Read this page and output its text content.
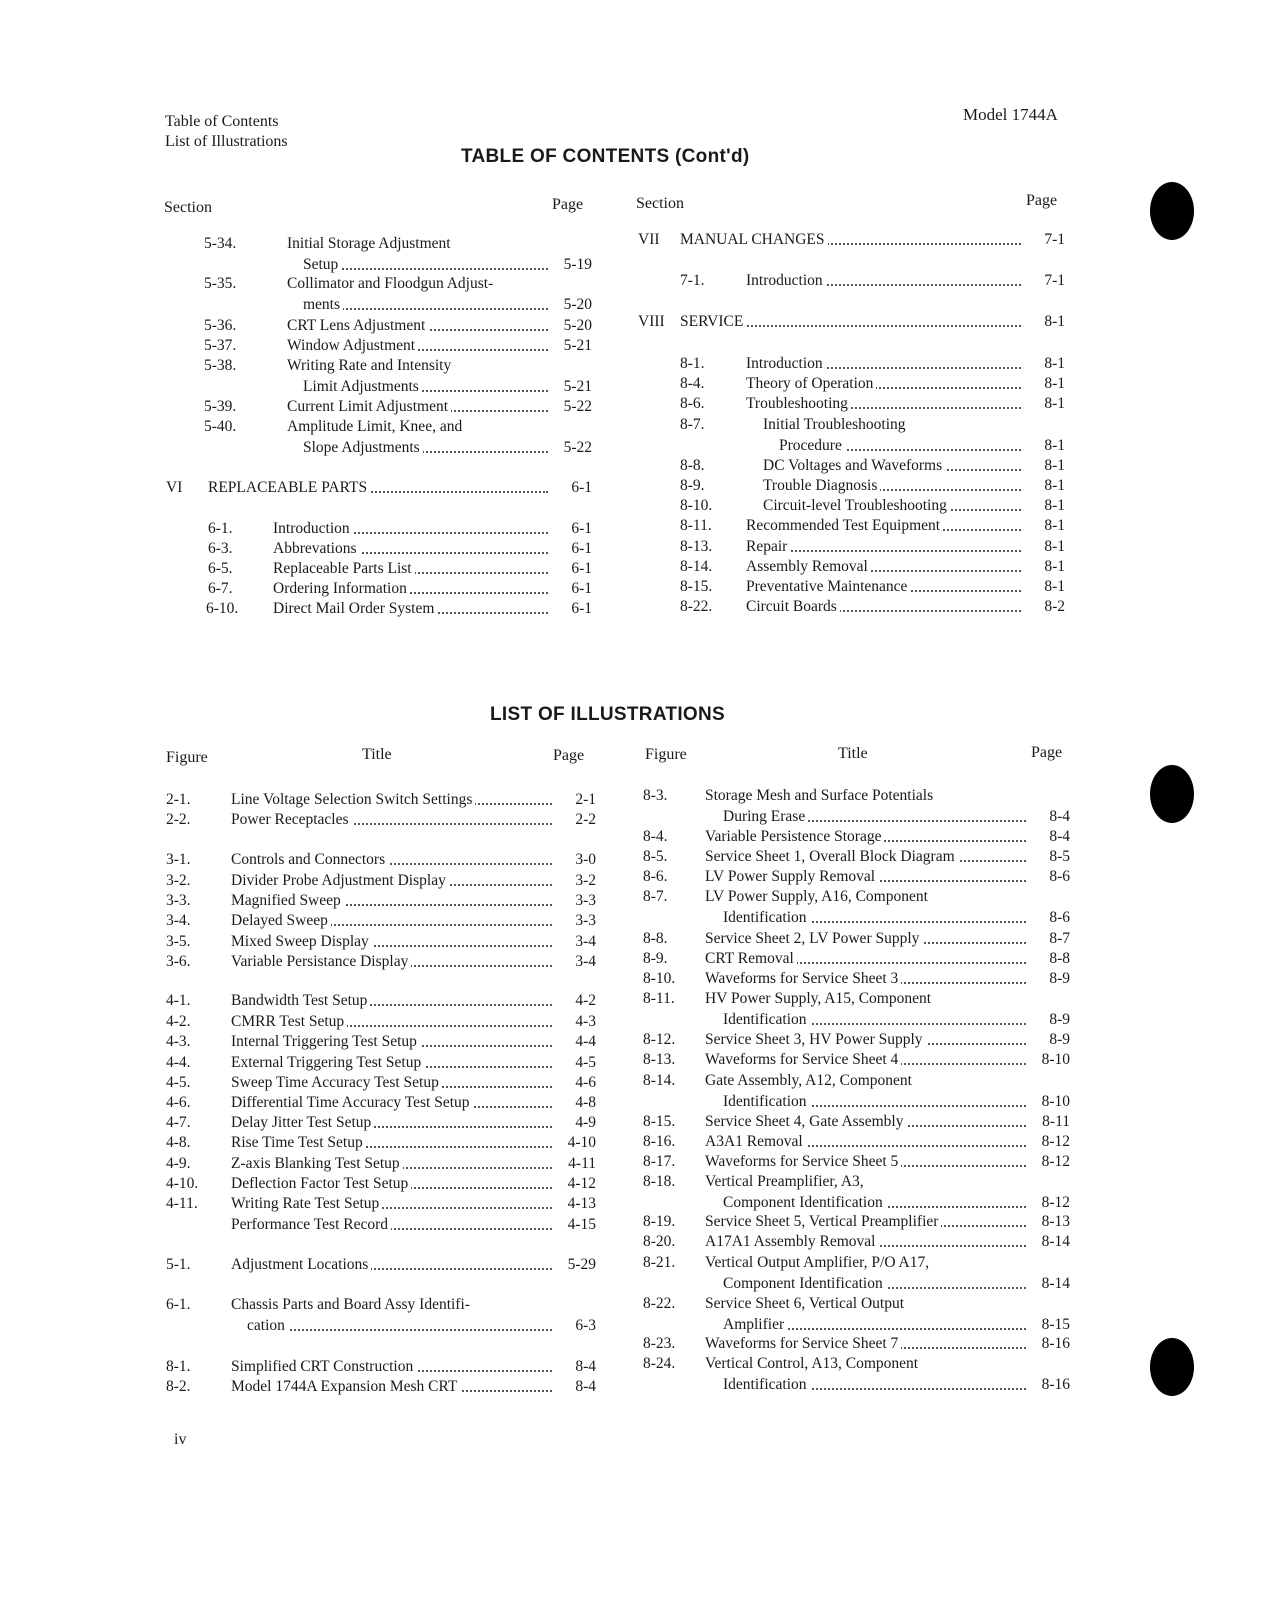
Table of Contents
List of Illustrations
Model 1744A
TABLE OF CONTENTS (Cont'd)
Section	Page
5-34.	Initial Storage Adjustment
Setup	5-19
5-35.	Collimator and Floodgun Adjust-
ments	5-20
5-36.	CRT Lens Adjustment	5-20
5-37.	Window Adjustment	5-21
5-38.	Writing Rate and Intensity
Limit Adjustments	5-21
5-39.	Current Limit Adjustment	5-22
5-40.	Amplitude Limit, Knee, and
Slope Adjustments	5-22
VI REPLACEABLE PARTS	6-1
6-1.	Introduction	6-1
6-3.	Abbrevations	6-1
6-5.	Replaceable Parts List	6-1
6-7.	Ordering Information	6-1
6-10. Direct Mail Order System	6-1
Section	Page
VII MANUAL CHANGES	7-1
7-1.	Introduction	7-1
VIII SERVICE	8-1
8-1.	Introduction	8-1
8-4.	Theory of Operation	8-1
8-6.	Troubleshooting	8-1
8-7.	Initial Troubleshooting
Procedure	8-1
8-8.	DC Voltages and Waveforms	8-1
8-9.	Trouble Diagnosis	8-1
8-10.	Circuit-level Troubleshooting	8-1
8-11. Recommended Test Equipment	8-1
8-13. Repair	8-1
8-14. Assembly Removal	8-1
8-15. Preventative Maintenance	8-1
8-22. Circuit Boards	8-2
LIST OF ILLUSTRATIONS
Figure	Title	Page
2-1.	Line Voltage Selection Switch Settings	2-1
2-2.	Power Receptacles	2-2
3-1.	Controls and Connectors	3-0
3-2.	Divider Probe Adjustment Display	3-2
3-3.	Magnified Sweep	3-3
3-4.	Delayed Sweep	3-3
3-5.	Mixed Sweep Display	3-4
3-6.	Variable Persistance Display	3-4
4-1.	Bandwidth Test Setup	4-2
4-2.	CMRR Test Setup	4-3
4-3.	Internal Triggering Test Setup	4-4
4-4.	External Triggering Test Setup	4-5
4-5.	Sweep Time Accuracy Test Setup	4-6
4-6.	Differential Time Accuracy Test Setup	4-8
4-7.	Delay Jitter Test Setup	4-9
4-8.	Rise Time Test Setup	4-10
4-9.	Z-axis Blanking Test Setup	4-11
4-10. Deflection Factor Test Setup	4-12
4-11. Writing Rate Test Setup	4-13
Performance Test Record	4-15
5-1.	Adjustment Locations	5-29
6-1.	Chassis Parts and Board Assy Identifi-
cation	6-3
8-1.	Simplified CRT Construction	8-4
8-2.	Model 1744A Expansion Mesh CRT	8-4
Figure	Title	Page
8-3. Storage Mesh and Surface Potentials
During Erase	8-4
8-4. Variable Persistence Storage	8-4
8-5. Service Sheet 1, Overall Block Diagram	8-5
8-6. LV Power Supply Removal	8-6
8-7. LV Power Supply, A16, Component
Identification	8-6
8-8. Service Sheet 2, LV Power Supply	8-7
8-9. CRT Removal	8-8
8-10. Waveforms for Service Sheet 3	8-9
8-11. HV Power Supply, A15, Component
Identification	8-9
8-12. Service Sheet 3, HV Power Supply	8-9
8-13. Waveforms for Service Sheet 4	8-10
8-14. Gate Assembly, A12, Component
Identification	8-10
8-15. Service Sheet 4, Gate Assembly	8-11
8-16. A3A1 Removal	8-12
8-17. Waveforms for Service Sheet 5	8-12
8-18. Vertical Preamplifier, A3,
Component Identification	8-12
8-19. Service Sheet 5, Vertical Preamplifier	8-13
8-20. A17A1 Assembly Removal	8-14
8-21. Vertical Output Amplifier, P/O A17,
Component Identification	8-14
8-22. Service Sheet 6, Vertical Output
Amplifier	8-15
8-23. Waveforms for Service Sheet 7	8-16
8-24. Vertical Control, A13, Component
Identification	8-16
iv
